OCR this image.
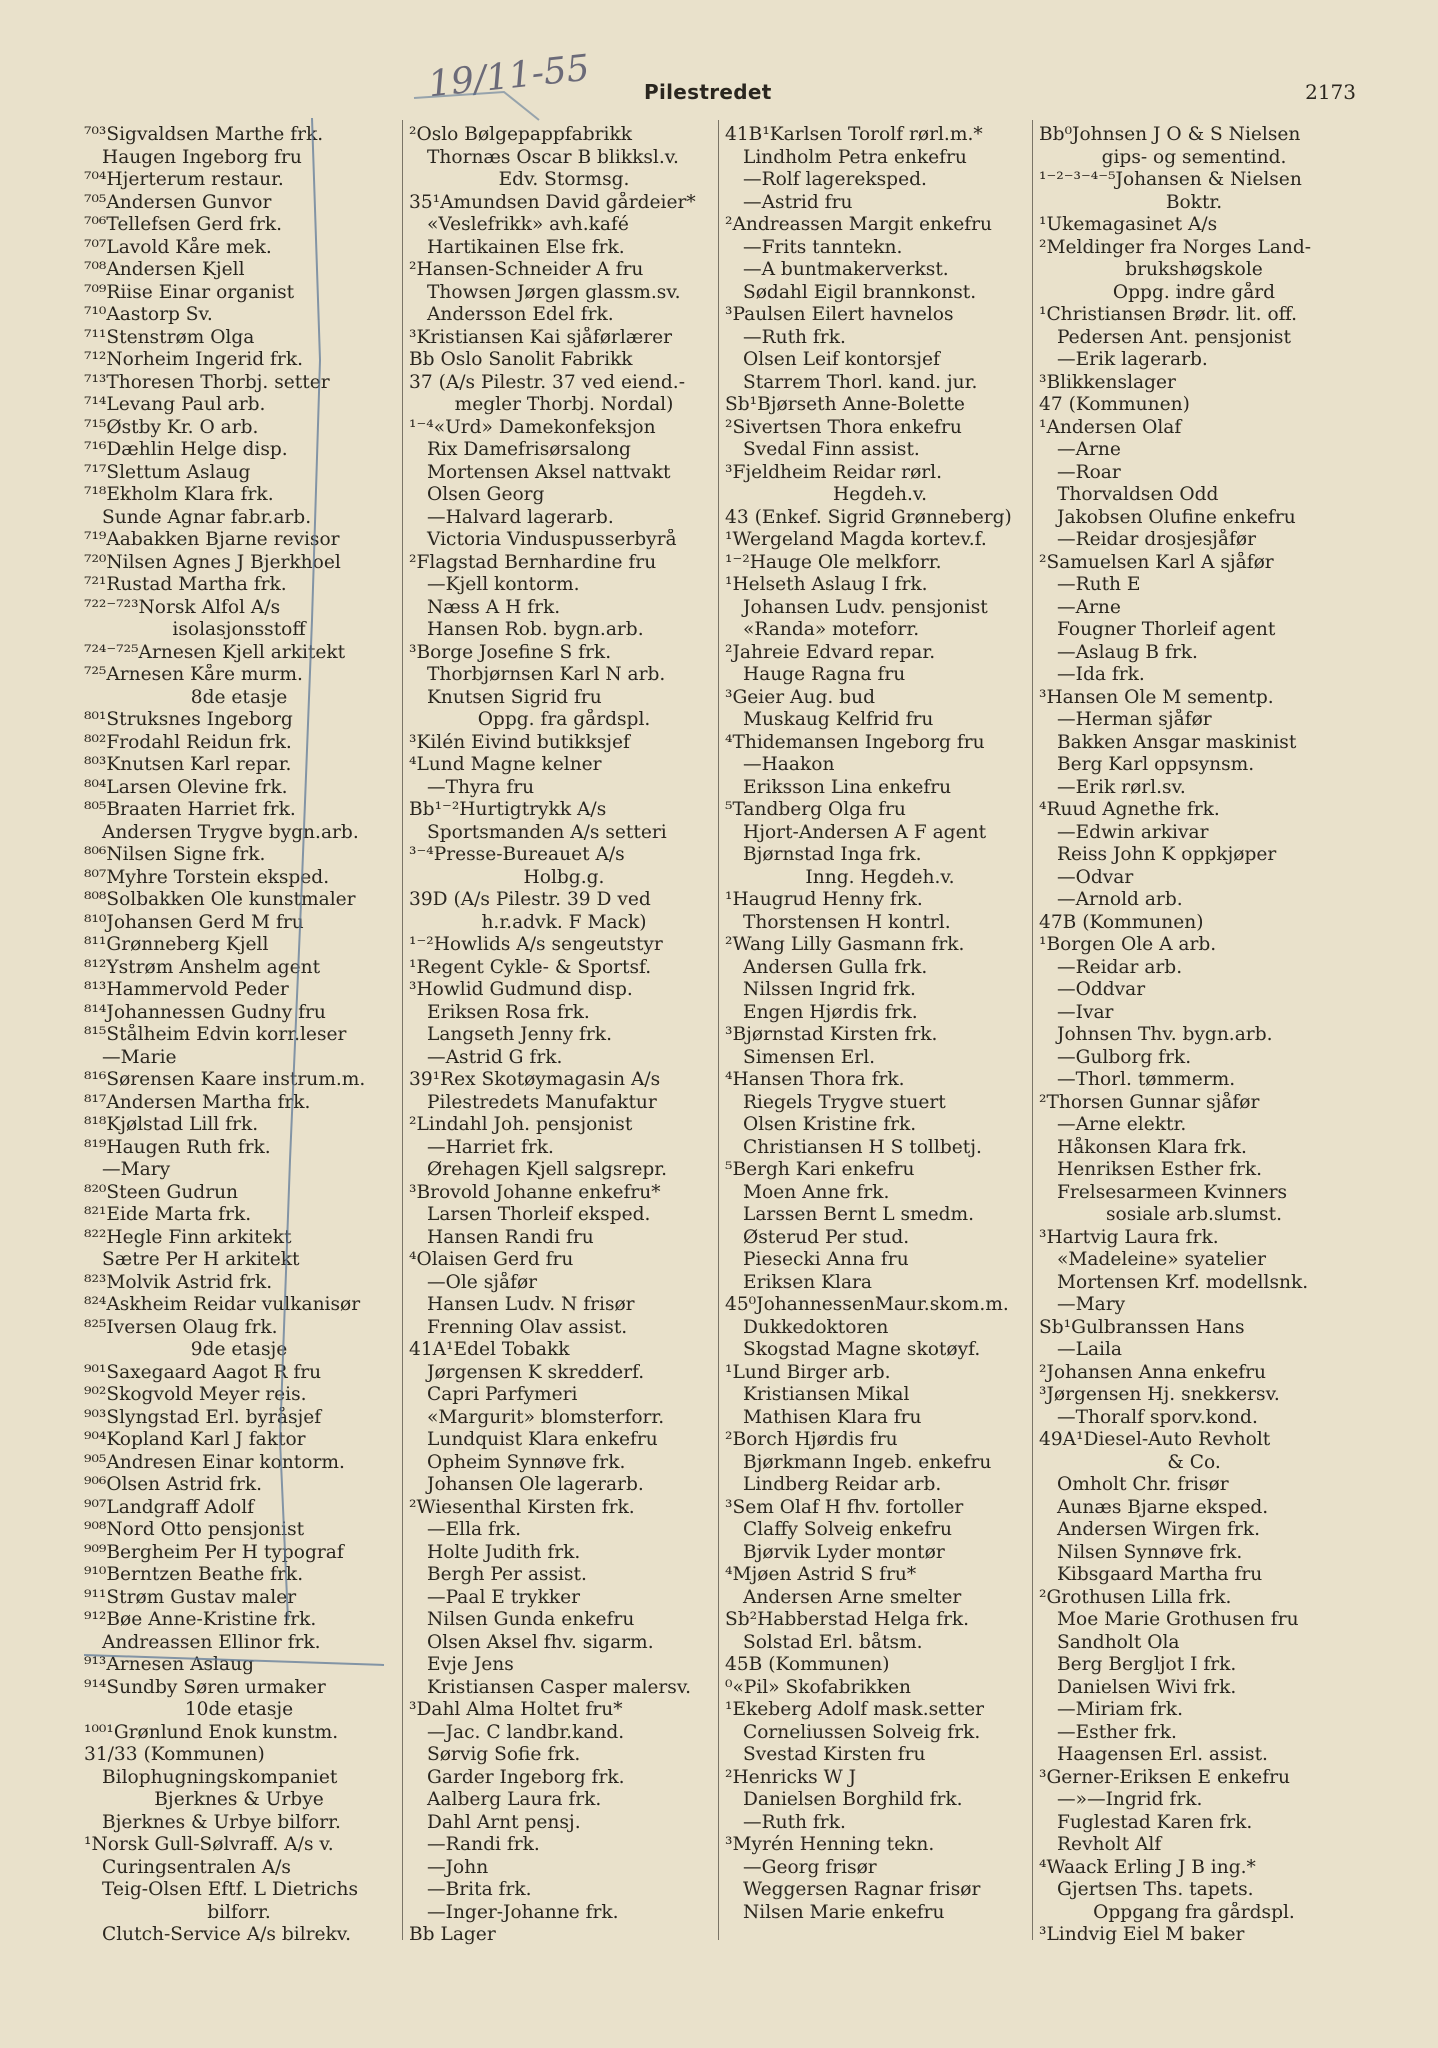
19/11-55	Pilestredet	2173
⁷⁰³Sigvaldsen Marthe frk.
Haugen Ingeborg fru
⁷⁰⁴Hjerterum restaur.
⁷⁰⁵Andersen Gunvor
⁷⁰⁶Tellefsen Gerd frk.
⁷⁰⁷Lavold Kåre mek.
⁷⁰⁸Andersen Kjell
⁷⁰⁹Riise Einar organist
⁷¹⁰Aastorp Sv.
⁷¹¹Stenstrøm Olga
⁷¹²Norheim Ingerid frk.
⁷¹³Thoresen Thorbj. setter
⁷¹⁴Levang Paul arb.
⁷¹⁵Østby Kr. O arb.
⁷¹⁶Dæhlin Helge disp.
⁷¹⁷Slettum Aslaug
⁷¹⁸Ekholm Klara frk.
Sunde Agnar fabr.arb.
⁷¹⁹Aabakken Bjarne revisor
⁷²⁰Nilsen Agnes J Bjerkhoel
⁷²¹Rustad Martha frk.
⁷²²⁻⁷²³Norsk Alfol A/s
isolasjonsstoff
⁷²⁴⁻⁷²⁵Arnesen Kjell arkitekt
⁷²⁵Arnesen Kåre murm.
8de etasje
⁸⁰¹Struksnes Ingeborg
⁸⁰²Frodahl Reidun frk.
⁸⁰³Knutsen Karl repar.
⁸⁰⁴Larsen Olevine frk.
⁸⁰⁵Braaten Harriet frk.
Andersen Trygve bygn.arb.
⁸⁰⁶Nilsen Signe frk.
⁸⁰⁷Myhre Torstein eksped.
⁸⁰⁸Solbakken Ole kunstmaler
⁸¹⁰Johansen Gerd M fru
⁸¹¹Grønneberg Kjell
⁸¹²Ystrøm Anshelm agent
⁸¹³Hammervold Peder
⁸¹⁴Johannessen Gudny fru
⁸¹⁵Stålheim Edvin korr.leser
—Marie
⁸¹⁶Sørensen Kaare instrum.m.
⁸¹⁷Andersen Martha frk.
⁸¹⁸Kjølstad Lill frk.
⁸¹⁹Haugen Ruth frk.
—Mary
⁸²⁰Steen Gudrun
⁸²¹Eide Marta frk.
⁸²²Hegle Finn arkitekt
Sætre Per H arkitekt
⁸²³Molvik Astrid frk.
⁸²⁴Askheim Reidar vulkanisør
⁸²⁵Iversen Olaug frk.
9de etasje
⁹⁰¹Saxegaard Aagot R fru
⁹⁰²Skogvold Meyer reis.
⁹⁰³Slyngstad Erl. byråsjef
⁹⁰⁴Kopland Karl J faktor
⁹⁰⁵Andresen Einar kontorm.
⁹⁰⁶Olsen Astrid frk.
⁹⁰⁷Landgraff Adolf
⁹⁰⁸Nord Otto pensjonist
⁹⁰⁹Bergheim Per H typograf
⁹¹⁰Berntzen Beathe frk.
⁹¹¹Strøm Gustav maler
⁹¹²Bøe Anne-Kristine frk.
Andreassen Ellinor frk.
⁹¹³Arnesen Aslaug
⁹¹⁴Sundby Søren urmaker
10de etasje
¹⁰⁰¹Grønlund Enok kunstm.
31/33 (Kommunen)
Bilophugningskompaniet
Bjerknes & Urbye
Bjerknes & Urbye bilforr.
¹Norsk Gull-Sølvraff. A/s v.
Curingsentralen A/s
Teig-Olsen Eftf. L Dietrichs
bilforr.
Clutch-Service A/s bilrekv.
²Oslo Bølgepappfabrikk
Thornæs Oscar B blikksl.v.
Edv. Stormsg.
35¹Amundsen David gårdeier*
«Veslefrikk» avh.kafé
Hartikainen Else frk.
²Hansen-Schneider A fru
Thowsen Jørgen glassm.sv.
Andersson Edel frk.
³Kristiansen Kai sjåførlærer
Bb Oslo Sanolit Fabrikk
37 (A/s Pilestr. 37 ved eiend.-
megler Thorbj. Nordal)
¹⁻⁴«Urd» Damekonfeksjon
Rix Damefrisørsalong
Mortensen Aksel nattvakt
Olsen Georg
—Halvard lagerarb.
Victoria Vinduspusserbyrå
²Flagstad Bernhardine fru
—Kjell kontorm.
Næss A H frk.
Hansen Rob. bygn.arb.
³Borge Josefine S frk.
Thorbjørnsen Karl N arb.
Knutsen Sigrid fru
Oppg. fra gårdspl.
³Kilén Eivind butikksjef
⁴Lund Magne kelner
—Thyra fru
Bb¹⁻²Hurtigtrykk A/s
Sportsmanden A/s setteri
³⁻⁴Presse-Bureauet A/s
Holbg.g.
39D (A/s Pilestr. 39 D ved
h.r.advk. F Mack)
¹⁻²Howlids A/s sengeutstyr
¹Regent Cykle- & Sportsf.
³Howlid Gudmund disp.
Eriksen Rosa frk.
Langseth Jenny frk.
—Astrid G frk.
39¹Rex Skotøymagasin A/s
Pilestredets Manufaktur
²Lindahl Joh. pensjonist
—Harriet frk.
Ørehagen Kjell salgsrepr.
³Brovold Johanne enkefru*
Larsen Thorleif eksped.
Hansen Randi fru
⁴Olaisen Gerd fru
—Ole sjåfør
Hansen Ludv. N frisør
Frenning Olav assist.
41A¹Edel Tobakk
Jørgensen K skredderf.
Capri Parfymeri
«Margurit» blomsterforr.
Lundquist Klara enkefru
Opheim Synnøve frk.
Johansen Ole lagerarb.
²Wiesenthal Kirsten frk.
—Ella frk.
Holte Judith frk.
Bergh Per assist.
—Paal E trykker
Nilsen Gunda enkefru
Olsen Aksel fhv. sigarm.
Evje Jens
Kristiansen Casper malersv.
³Dahl Alma Holtet fru*
—Jac. C landbr.kand.
Sørvig Sofie frk.
Garder Ingeborg frk.
Aalberg Laura frk.
Dahl Arnt pensj.
—Randi frk.
—John
—Brita frk.
—Inger-Johanne frk.
Bb Lager
41B¹Karlsen Torolf rørl.m.*
Lindholm Petra enkefru
—Rolf lagereksped.
—Astrid fru
²Andreassen Margit enkefru
—Frits tanntekn.
—A buntmakerverkst.
Sødahl Eigil brannkonst.
³Paulsen Eilert havnelos
—Ruth frk.
Olsen Leif kontorsjef
Starrem Thorl. kand. jur.
Sb¹Bjørseth Anne-Bolette
²Sivertsen Thora enkefru
Svedal Finn assist.
³Fjeldheim Reidar rørl.
Hegdeh.v.
43 (Enkef. Sigrid Grønneberg)
¹Wergeland Magda kortev.f.
¹⁻²Hauge Ole melkforr.
¹Helseth Aslaug I frk.
Johansen Ludv. pensjonist
«Randa» moteforr.
²Jahreie Edvard repar.
Hauge Ragna fru
³Geier Aug. bud
Muskaug Kelfrid fru
⁴Thidemansen Ingeborg fru
—Haakon
Eriksson Lina enkefru
⁵Tandberg Olga fru
Hjort-Andersen A F agent
Bjørnstad Inga frk.
Inng. Hegdeh.v.
¹Haugrud Henny frk.
Thorstensen H kontrl.
²Wang Lilly Gasmann frk.
Andersen Gulla frk.
Nilssen Ingrid frk.
Engen Hjørdis frk.
³Bjørnstad Kirsten frk.
Simensen Erl.
⁴Hansen Thora frk.
Riegels Trygve stuert
Olsen Kristine frk.
Christiansen H S tollbetj.
⁵Bergh Kari enkefru
Moen Anne frk.
Larssen Bernt L smedm.
Østerud Per stud.
Piesecki Anna fru
Eriksen Klara
45⁰JohannessenMaur.skom.m.
Dukkedoktoren
Skogstad Magne skotøyf.
¹Lund Birger arb.
Kristiansen Mikal
Mathisen Klara fru
²Borch Hjørdis fru
Bjørkmann Ingeb. enkefru
Lindberg Reidar arb.
³Sem Olaf H fhv. fortoller
Claffy Solveig enkefru
Bjørvik Lyder montør
⁴Mjøen Astrid S fru*
Andersen Arne smelter
Sb²Habberstad Helga frk.
Solstad Erl. båtsm.
45B (Kommunen)
⁰«Pil» Skofabrikken
¹Ekeberg Adolf mask.setter
Corneliussen Solveig frk.
Svestad Kirsten fru
²Henricks W J
Danielsen Borghild frk.
—Ruth frk.
³Myrén Henning tekn.
—Georg frisør
Weggersen Ragnar frisør
Nilsen Marie enkefru
Bb⁰Johnsen J O & S Nielsen
gips- og sementind.
¹⁻²⁻³⁻⁴⁻⁵Johansen & Nielsen
Boktr.
¹Ukemagasinet A/s
²Meldinger fra Norges Land-
brukshøgskole
Oppg. indre gård
¹Christiansen Brødr. lit. off.
Pedersen Ant. pensjonist
—Erik lagerarb.
³Blikkenslager
47 (Kommunen)
¹Andersen Olaf
—Arne
—Roar
Thorvaldsen Odd
Jakobsen Olufine enkefru
—Reidar drosjesjåfør
²Samuelsen Karl A sjåfør
—Ruth E
—Arne
Fougner Thorleif agent
—Aslaug B frk.
—Ida frk.
³Hansen Ole M sementp.
—Herman sjåfør
Bakken Ansgar maskinist
Berg Karl oppsynsm.
—Erik rørl.sv.
⁴Ruud Agnethe frk.
—Edwin arkivar
Reiss John K oppkjøper
—Odvar
—Arnold arb.
47B (Kommunen)
¹Borgen Ole A arb.
—Reidar arb.
—Oddvar
—Ivar
Johnsen Thv. bygn.arb.
—Gulborg frk.
—Thorl. tømmerm.
²Thorsen Gunnar sjåfør
—Arne elektr.
Håkonsen Klara frk.
Henriksen Esther frk.
Frelsesarmeen Kvinners
sosiale arb.slumst.
³Hartvig Laura frk.
«Madeleine» syatelier
Mortensen Krf. modellsnk.
—Mary
Sb¹Gulbranssen Hans
—Laila
²Johansen Anna enkefru
³Jørgensen Hj. snekkersv.
—Thoralf sporv.kond.
49A¹Diesel-Auto Revholt
& Co.
Omholt Chr. frisør
Aunæs Bjarne eksped.
Andersen Wirgen frk.
Nilsen Synnøve frk.
Kibsgaard Martha fru
²Grothusen Lilla frk.
Moe Marie Grothusen fru
Sandholt Ola
Berg Bergljot I frk.
Danielsen Wivi frk.
—Miriam frk.
—Esther frk.
Haagensen Erl. assist.
³Gerner-Eriksen E enkefru
—»—Ingrid frk.
Fuglestad Karen frk.
Revholt Alf
⁴Waack Erling J B ing.*
Gjertsen Ths. tapets.
Oppgang fra gårdspl.
³Lindvig Eiel M baker
